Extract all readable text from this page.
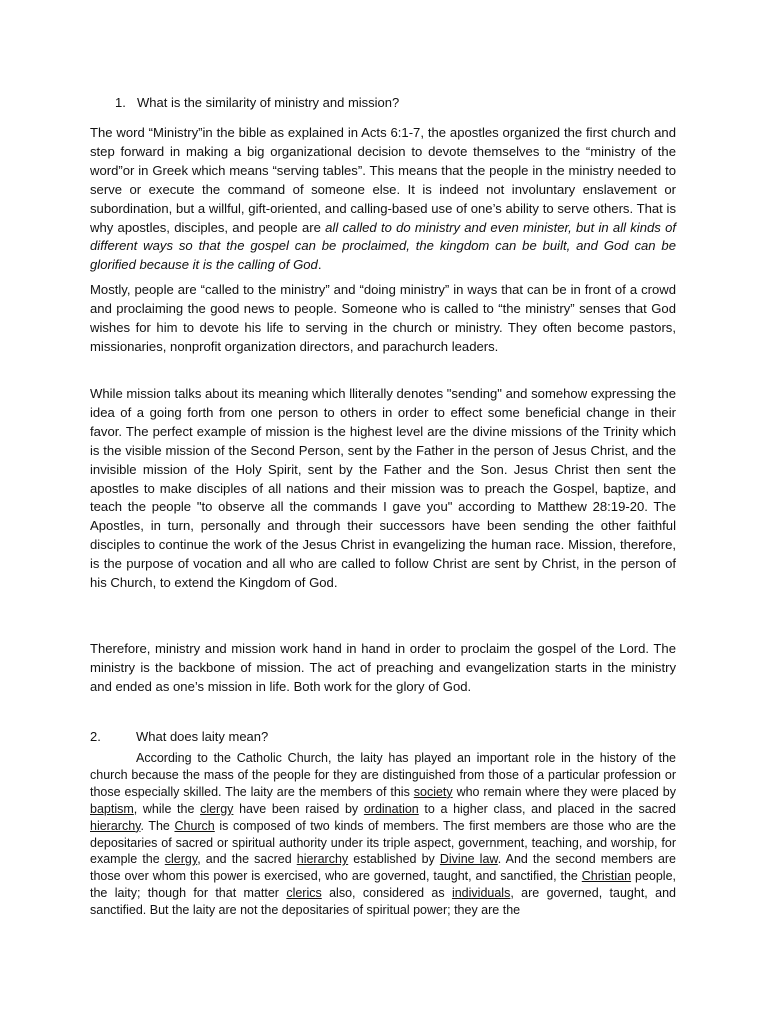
1. What is the similarity of ministry and mission?

The word “Ministry”in the bible as explained in Acts 6:1-7, the apostles organized the first church and step forward in making a big organizational decision to devote themselves to the “ministry of the word”or in Greek which means “serving tables”. This means that the people in the ministry needed to serve or execute the command of someone else. It is indeed not involuntary enslavement or subordination, but a willful, gift-oriented, and calling-based use of one’s ability to serve others. That is why apostles, disciples, and people are all called to do ministry and even minister, but in all kinds of different ways so that the gospel can be proclaimed, the kingdom can be built, and God can be glorified because it is the calling of God.

Mostly, people are “called to the ministry” and “doing ministry” in ways that can be in front of a crowd and proclaiming the good news to people. Someone who is called to “the ministry” senses that God wishes for him to devote his life to serving in the church or ministry. They often become pastors, missionaries, nonprofit organization directors, and parachurch leaders.

While mission talks about its meaning which lliterally denotes "sending" and somehow expressing the idea of a going forth from one person to others in order to effect some beneficial change in their favor. The perfect example of mission is the highest level are the divine missions of the Trinity which is the visible mission of the Second Person, sent by the Father in the person of Jesus Christ, and the invisible mission of the Holy Spirit, sent by the Father and the Son. Jesus Christ then sent the apostles to make disciples of all nations and their mission was to preach the Gospel, baptize, and teach the people "to observe all the commands I gave you" according to Matthew 28:19-20. The Apostles, in turn, personally and through their successors have been sending the other faithful disciples to continue the work of the Jesus Christ in evangelizing the human race. Mission, therefore, is the purpose of vocation and all who are called to follow Christ are sent by Christ, in the person of his Church, to extend the Kingdom of God.

Therefore, ministry and mission work hand in hand in order to proclaim the gospel of the Lord. The ministry is the backbone of mission. The act of preaching and evangelization starts in the ministry and ended as one’s mission in life. Both work for the glory of God.

2.	What does laity mean?

According to the Catholic Church, the laity has played an important role in the history of the church because the mass of the people for they are distinguished from those of a particular profession or those especially skilled. The laity are the members of this society who remain where they were placed by baptism, while the clergy have been raised by ordination to a higher class, and placed in the sacred hierarchy. The Church is composed of two kinds of members. The first members are those who are the depositaries of sacred or spiritual authority under its triple aspect, government, teaching, and worship, for example the clergy, and the sacred hierarchy established by Divine law. And the second members are those over whom this power is exercised, who are governed, taught, and sanctified, the Christian people, the laity; though for that matter clerics also, considered as individuals, are governed, taught, and sanctified. But the laity are not the depositaries of spiritual power; they are the
